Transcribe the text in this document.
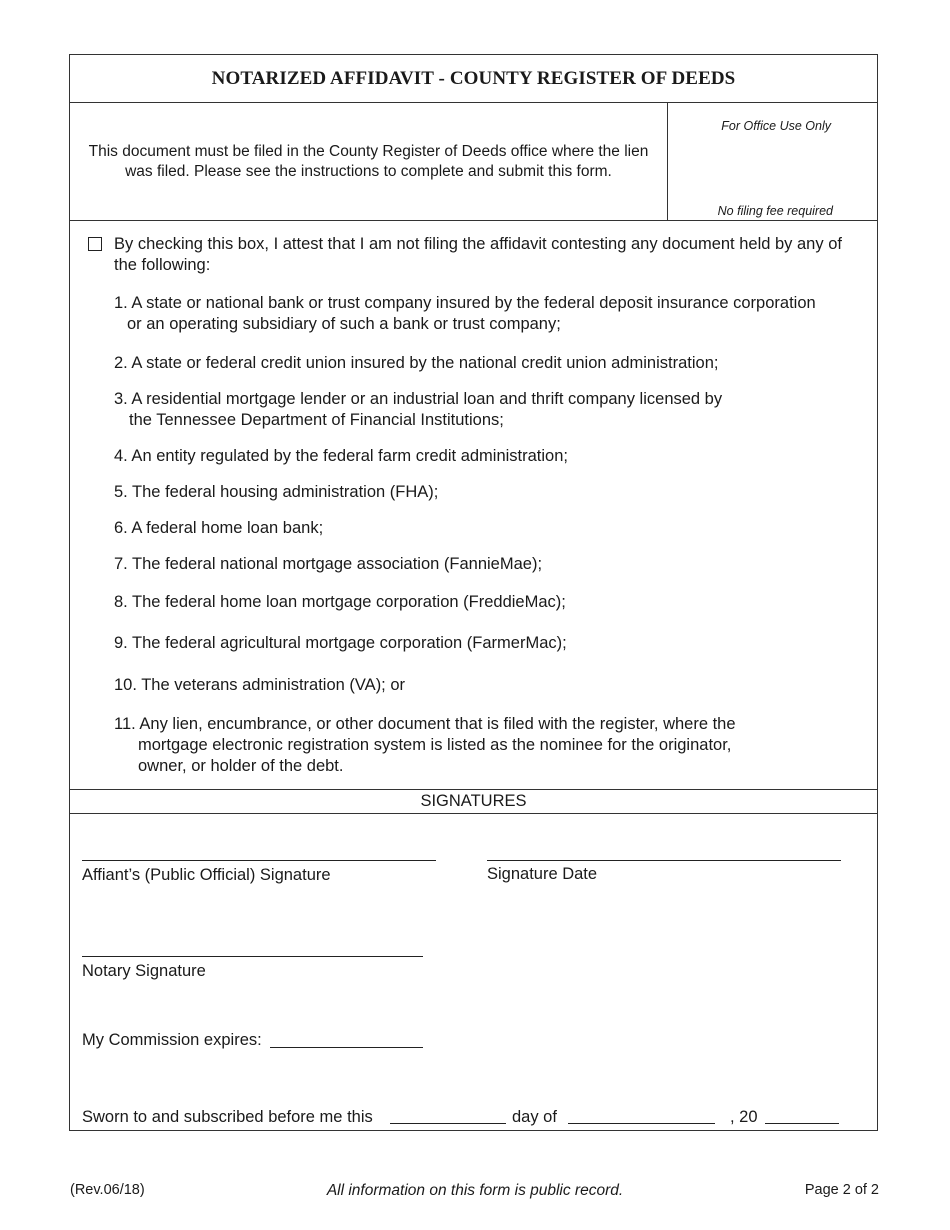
NOTARIZED AFFIDAVIT - COUNTY REGISTER OF DEEDS
This document must be filed in the County Register of Deeds office where the lien was filed. Please see the instructions to complete and submit this form.
For Office Use Only
No filing fee required
By checking this box, I attest that I am not filing the affidavit contesting any document held by any of the following:
1. A state or national bank or trust company insured by the federal deposit insurance corporation
or an operating subsidiary of such a bank or trust company;
2. A state or federal credit union insured by the national credit union administration;
3. A residential mortgage lender or an industrial loan and thrift company licensed by
the Tennessee Department of Financial Institutions;
4. An entity regulated by the federal farm credit administration;
5. The federal housing administration (FHA);
6. A federal home loan bank;
7. The federal national mortgage association (FannieMae);
8. The federal home loan mortgage corporation (FreddieMac);
9. The federal agricultural mortgage corporation (FarmerMac);
10. The veterans administration (VA); or
11. Any lien, encumbrance, or other document that is filed with the register, where the
mortgage electronic registration system is listed as the nominee for the originator,
owner, or holder of the debt.
SIGNATURES
Affiant’s (Public Official) Signature	Signature Date
Notary Signature
My Commission expires:
Sworn to and subscribed before me this	day of	, 20
(Rev.06/18)	All information on this form is public record.	Page 2 of 2
